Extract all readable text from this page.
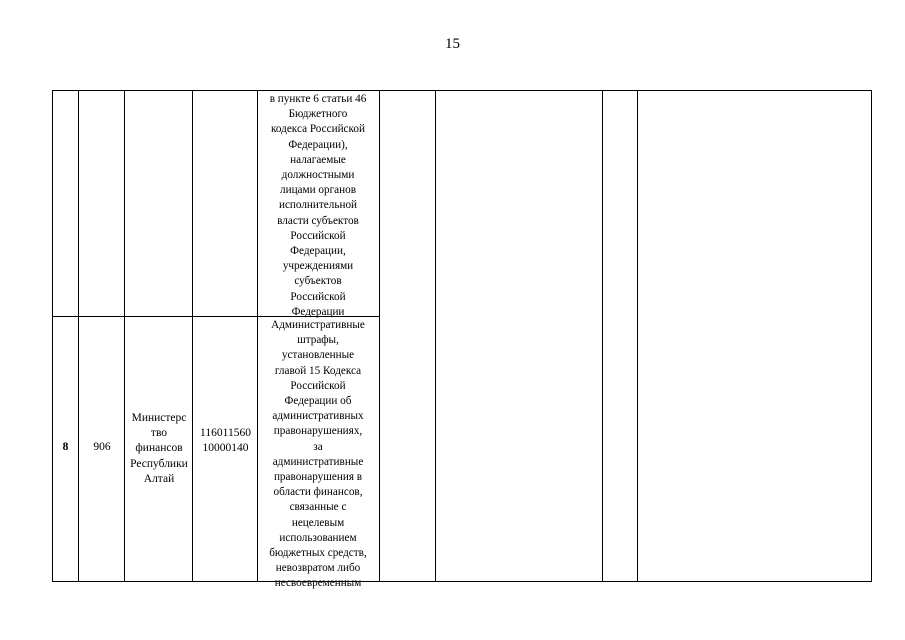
15
в пункте 6 статьи 46
Бюджетного
кодекса Российской
Федерации),
налагаемые
должностными
лицами органов
исполнительной
власти субъектов
Российской
Федерации,
учреждениями
субъектов
Российской
Федерации
8	906
Министерс
тво
финансов
Республики
Алтай
116011560
10000140
Административные
штрафы,
установленные
главой 15 Кодекса
Российской
Федерации об
административных
правонарушениях,
за
административные
правонарушения в
области финансов,
связанные с
нецелевым
использованием
бюджетных средств,
невозвратом либо
несвоевременным
